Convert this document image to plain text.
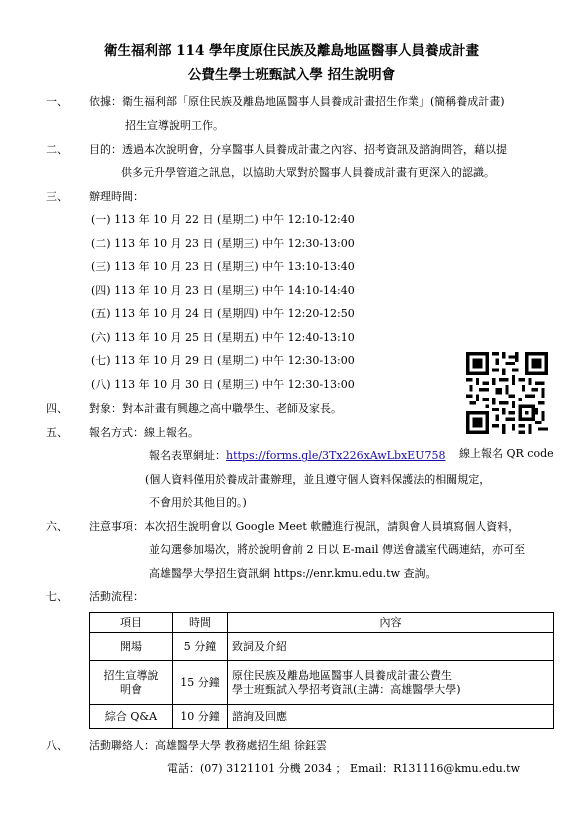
衛生福利部 114 學年度原住民族及離島地區醫事人員養成計畫
公費生學士班甄試入學 招生說明會
一、 依據：衛生福利部「原住民族及離島地區醫事人員養成計畫招生作業」(簡稱養成計畫)
招生宣導說明工作。
二、 目的：透過本次說明會，分享醫事人員養成計畫之內容、招考資訊及諮詢問答，藉以提
供多元升學管道之訊息，以協助大眾對於醫事人員養成計畫有更深入的認識。
三、 辦理時間：
(一) 113 年 10 月 22 日 (星期二) 中午 12:10-12:40
(二) 113 年 10 月 23 日 (星期三) 中午 12:30-13:00
(三) 113 年 10 月 23 日 (星期三) 中午 13:10-13:40
(四) 113 年 10 月 23 日 (星期三) 中午 14:10-14:40
(五) 113 年 10 月 24 日 (星期四) 中午 12:20-12:50
(六) 113 年 10 月 25 日 (星期五) 中午 12:40-13:10
(七) 113 年 10 月 29 日 (星期二) 中午 12:30-13:00
(八) 113 年 10 月 30 日 (星期三) 中午 12:30-13:00
線上報名 QR code
四、 對象：對本計畫有興趣之高中職學生、老師及家長。
五、 報名方式：線上報名。
報名表單網址：https://forms.gle/3Tx226xAwLbxEU758
(個人資料僅用於養成計畫辦理，並且遵守個人資料保護法的相關規定，
不會用於其他目的。)
六、 注意事項：本次招生說明會以 Google Meet 軟體進行視訊，請與會人員填寫個人資料，
並勾選參加場次，將於說明會前 2 日以 E-mail 傳送會議室代碼連結，亦可至
高雄醫學大學招生資訊網 https://enr.kmu.edu.tw 查詢。
七、 活動流程：
項目	時間	內容
開場	5 分鐘	致詞及介紹
招生宣導說明會	15 分鐘	原住民族及離島地區醫事人員養成計畫公費生
學士班甄試入學招考資訊(主講：高雄醫學大學)

綜合 Q&A	10 分鐘	諮詢及回應
八、 活動聯絡人：高雄醫學大學 教務處招生組 徐鈺雲
電話：(07) 3121101 分機 2034 ； Email：R131116@kmu.edu.tw
